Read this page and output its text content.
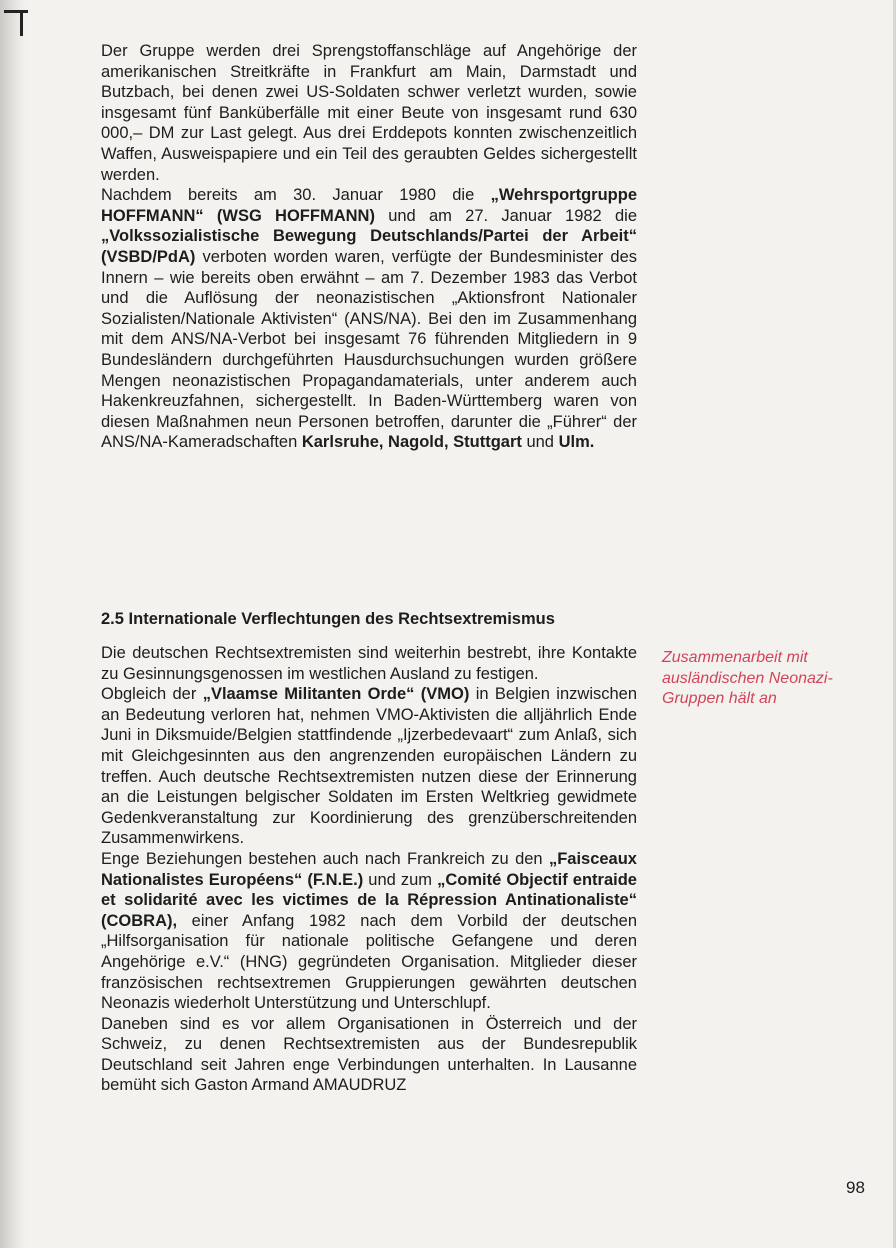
Der Gruppe werden drei Sprengstoffanschläge auf Angehörige der amerikanischen Streitkräfte in Frankfurt am Main, Darmstadt und Butzbach, bei denen zwei US-Soldaten schwer verletzt wurden, sowie insgesamt fünf Banküberfälle mit einer Beute von insgesamt rund 630 000,– DM zur Last gelegt. Aus drei Erddepots konnten zwischenzeitlich Waffen, Ausweispapiere und ein Teil des geraubten Geldes sichergestellt werden.

Nachdem bereits am 30. Januar 1980 die „Wehrsportgruppe HOFFMANN“ (WSG HOFFMANN) und am 27. Januar 1982 die „Volkssozialistische Bewegung Deutschlands/Partei der Arbeit“ (VSBD/PdA) verboten worden waren, verfügte der Bundesminister des Innern – wie bereits oben erwähnt – am 7. Dezember 1983 das Verbot und die Auflösung der neonazistischen „Aktionsfront Nationaler Sozialisten/Nationale Aktivisten“ (ANS/NA). Bei den im Zusammenhang mit dem ANS/NA-Verbot bei insgesamt 76 führenden Mitgliedern in 9 Bundesländern durchgeführten Hausdurchsuchungen wurden größere Mengen neonazistischen Propagandamaterials, unter anderem auch Hakenkreuzfahnen, sichergestellt. In Baden-Württemberg waren von diesen Maßnahmen neun Personen betroffen, darunter die „Führer“ der ANS/NA-Kameradschaften Karlsruhe, Nagold, Stuttgart und Ulm.

2.5 Internationale Verflechtungen des Rechtsextremismus

Die deutschen Rechtsextremisten sind weiterhin bestrebt, ihre Kontakte zu Gesinnungsgenossen im westlichen Ausland zu festigen.

Obgleich der „Vlaamse Militanten Orde“ (VMO) in Belgien inzwischen an Bedeutung verloren hat, nehmen VMO-Aktivisten die alljährlich Ende Juni in Diksmuide/Belgien stattfindende „Ijzerbedevaart“ zum Anlaß, sich mit Gleichgesinnten aus den angrenzenden europäischen Ländern zu treffen. Auch deutsche Rechtsextremisten nutzen diese der Erinnerung an die Leistungen belgischer Soldaten im Ersten Weltkrieg gewidmete Gedenkveranstaltung zur Koordinierung des grenzüberschreitenden Zusammenwirkens.

Enge Beziehungen bestehen auch nach Frankreich zu den „Faisceaux Nationalistes Européens“ (F.N.E.) und zum „Comité Objectif entraide et solidarité avec les victimes de la Répression Antinationaliste“ (COBRA), einer Anfang 1982 nach dem Vorbild der deutschen „Hilfsorganisation für nationale politische Gefangene und deren Angehörige e.V.“ (HNG) gegründeten Organisation. Mitglieder dieser französischen rechtsextremen Gruppierungen gewährten deutschen Neonazis wiederholt Unterstützung und Unterschlupf.

Daneben sind es vor allem Organisationen in Österreich und der Schweiz, zu denen Rechtsextremisten aus der Bundesrepublik Deutschland seit Jahren enge Verbindungen unterhalten. In Lausanne bemüht sich Gaston Armand AMAUDRUZ

Zusammenarbeit mit
ausländischen Neonazi-
Gruppen hält an
98
